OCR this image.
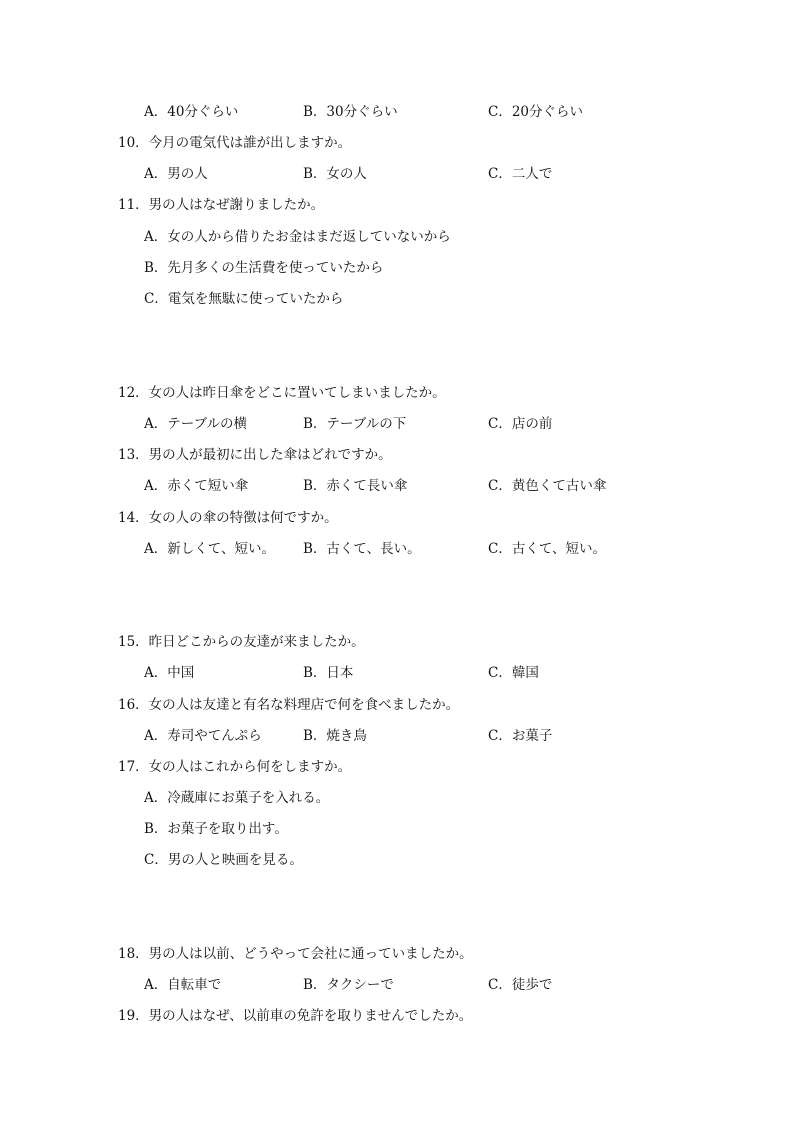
A．40分ぐらい	B．30分ぐらい	C．20分ぐらい
10．今月の電気代は誰が出しますか。
A．男の人	B．女の人	C．二人で
11．男の人はなぜ謝りましたか。
A．女の人から借りたお金はまだ返していないから
B．先月多くの生活費を使っていたから
C．電気を無駄に使っていたから
12．女の人は昨日傘をどこに置いてしまいましたか。
A．テーブルの横	B．テーブルの下	C．店の前
13．男の人が最初に出した傘はどれですか。
A．赤くて短い傘	B．赤くて長い傘	C．黄色くて古い傘
14．女の人の傘の特徴は何ですか。
A．新しくて、短い。 B．古くて、長い。	C．古くて、短い。
15．昨日どこからの友達が来ましたか。
A．中国	B．日本	C．韓国
16．女の人は友達と有名な料理店で何を食べましたか。
A．寿司やてんぷら	B．焼き鳥	C．お菓子
17．女の人はこれから何をしますか。
A．冷蔵庫にお菓子を入れる。
B．お菓子を取り出す。
C．男の人と映画を見る。
18．男の人は以前、どうやって会社に通っていましたか。
A．自転車で	B．タクシーで	C．徒歩で
19．男の人はなぜ、以前車の免許を取りませんでしたか。
